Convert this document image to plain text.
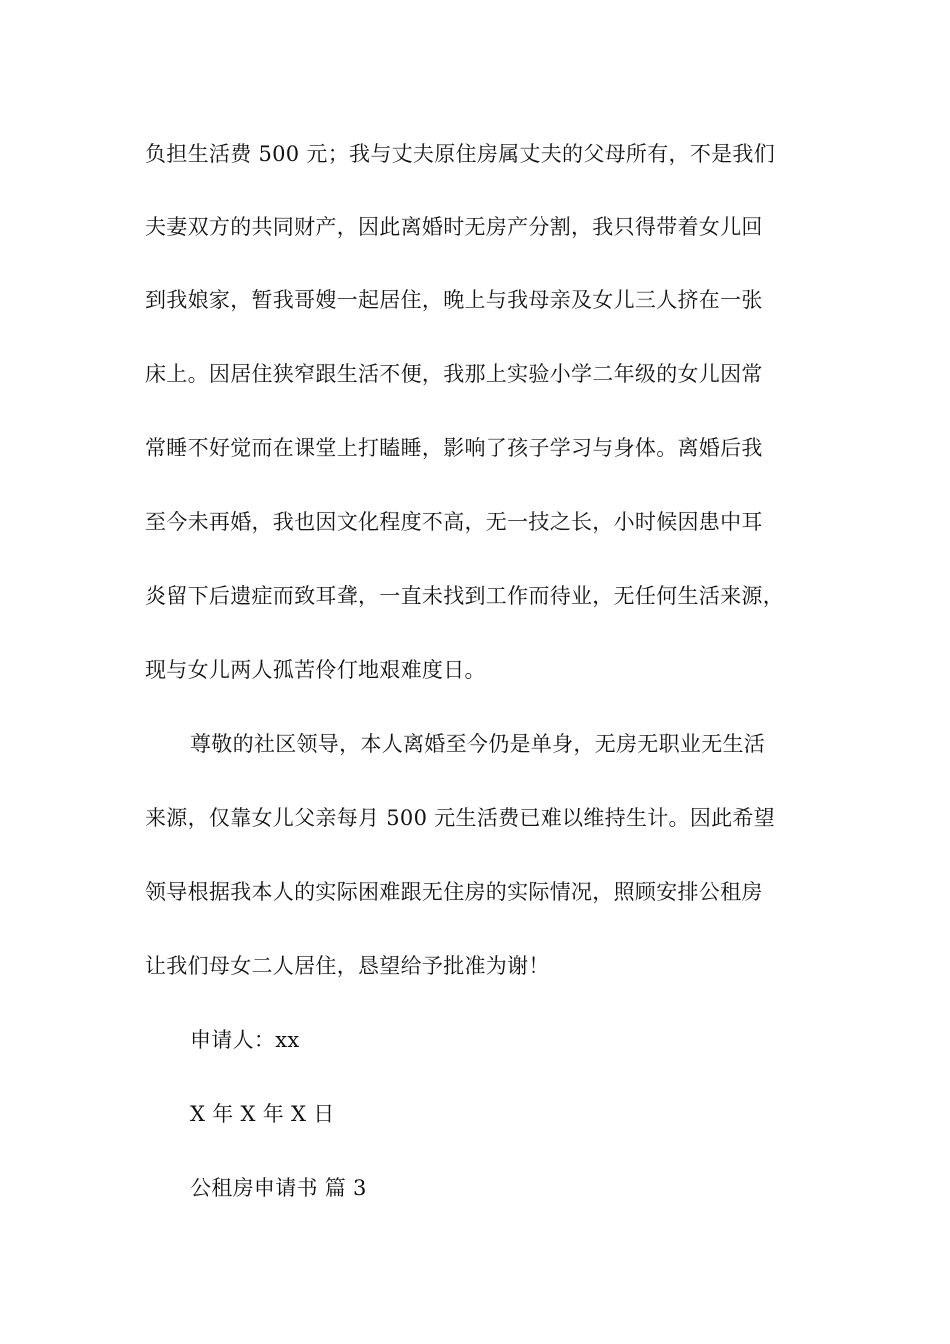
负担生活费 500 元；我与丈夫原住房属丈夫的父母所有，不是我们
夫妻双方的共同财产，因此离婚时无房产分割，我只得带着女儿回
到我娘家，暂我哥嫂一起居住，晚上与我母亲及女儿三人挤在一张
床上。因居住狭窄跟生活不便，我那上实验小学二年级的女儿因常
常睡不好觉而在课堂上打瞌睡，影响了孩子学习与身体。离婚后我
至今未再婚，我也因文化程度不高，无一技之长，小时候因患中耳
炎留下后遗症而致耳聋，一直未找到工作而待业，无任何生活来源，
现与女儿两人孤苦伶仃地艰难度日。
尊敬的社区领导，本人离婚至今仍是单身，无房无职业无生活
来源，仅靠女儿父亲每月 500 元生活费已难以维持生计。因此希望
领导根据我本人的实际困难跟无住房的实际情况，照顾安排公租房
让我们母女二人居住，恳望给予批准为谢！
申请人：xx
X 年 X 年 X 日
公租房申请书 篇 3
